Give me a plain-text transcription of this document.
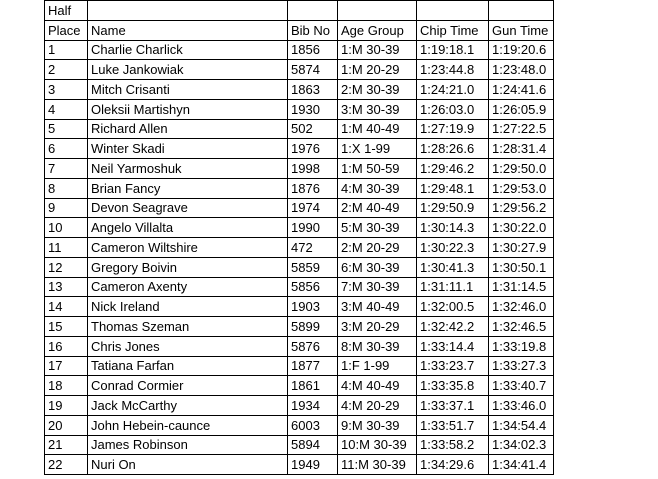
Half					
Place	Name	Bib No	Age Group	Chip Time	Gun Time
1	Charlie Charlick	1856	1:M 30-39	1:19:18.1	1:19:20.6
2	Luke Jankowiak	5874	1:M 20-29	1:23:44.8	1:23:48.0
3	Mitch Crisanti	1863	2:M 30-39	1:24:21.0	1:24:41.6
4	Oleksii Martishyn	1930	3:M 30-39	1:26:03.0	1:26:05.9
5	Richard Allen	502	1:M 40-49	1:27:19.9	1:27:22.5
6	Winter Skadi	1976	1:X 1-99	1:28:26.6	1:28:31.4
7	Neil Yarmoshuk	1998	1:M 50-59	1:29:46.2	1:29:50.0
8	Brian Fancy	1876	4:M 30-39	1:29:48.1	1:29:53.0
9	Devon Seagrave	1974	2:M 40-49	1:29:50.9	1:29:56.2
10	Angelo Villalta	1990	5:M 30-39	1:30:14.3	1:30:22.0
11	Cameron Wiltshire	472	2:M 20-29	1:30:22.3	1:30:27.9
12	Gregory Boivin	5859	6:M 30-39	1:30:41.3	1:30:50.1
13	Cameron Axenty	5856	7:M 30-39	1:31:11.1	1:31:14.5
14	Nick Ireland	1903	3:M 40-49	1:32:00.5	1:32:46.0
15	Thomas Szeman	5899	3:M 20-29	1:32:42.2	1:32:46.5
16	Chris Jones	5876	8:M 30-39	1:33:14.4	1:33:19.8
17	Tatiana Farfan	1877	1:F 1-99	1:33:23.7	1:33:27.3
18	Conrad Cormier	1861	4:M 40-49	1:33:35.8	1:33:40.7
19	Jack McCarthy	1934	4:M 20-29	1:33:37.1	1:33:46.0
20	John Hebein-caunce	6003	9:M 30-39	1:33:51.7	1:34:54.4
21	James Robinson	5894	10:M 30-39	1:33:58.2	1:34:02.3
22	Nuri On	1949	11:M 30-39	1:34:29.6	1:34:41.4
